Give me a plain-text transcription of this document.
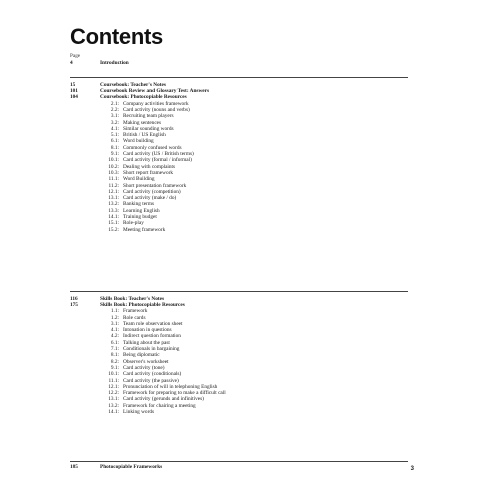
Contents
Page
4	Introduction
15	Coursebook: Teacher's Notes
101	Coursebook Review and Glossary Test: Answers
104	Coursebook: Photocopiable Resources
2.1: Company activities framework
2.2: Card activity (nouns and verbs)
3.1: Recruiting team players
3.2: Making sentences
4.1: Similar sounding words
5.1: British / US English
6.1: Word building
8.1: Commonly confused words
9.1: Card activity (US / British terms)
10.1: Card activity (formal / informal)
10.2: Dealing with complaints
10.3: Short report framework
11.1: Word Building
11.2: Short presentation framework
12.1: Card activity (competition)
13.1: Card activity (make / do)
13.2: Banking terms
13.3: Learning English
14.1: Training budget
15.1: Role-play
15.2: Meeting framework
116	Skills Book: Teacher's Notes
175	Skills Book: Photocopiable Resources
1.1: Framework
1.2: Role cards
3.1: Team role observation sheet
4.1: Intonation in questions
4.2: Indirect question formation
6.1: Talking about the past
7.1: Conditionals in bargaining
8.1: Being diplomatic
8.2: Observer's worksheet
9.1: Card activity (tone)
10.1: Card activity (conditionals)
11.1: Card activity (the passive)
12.1: Pronunciation of will in telephoning English
12.2: Framework for preparing to make a difficult call
13.1: Card activity (gerunds and infinitives)
13.2: Framework for chairing a meeting
14.1: Linking words
185	Photocopiable Frameworks	3
